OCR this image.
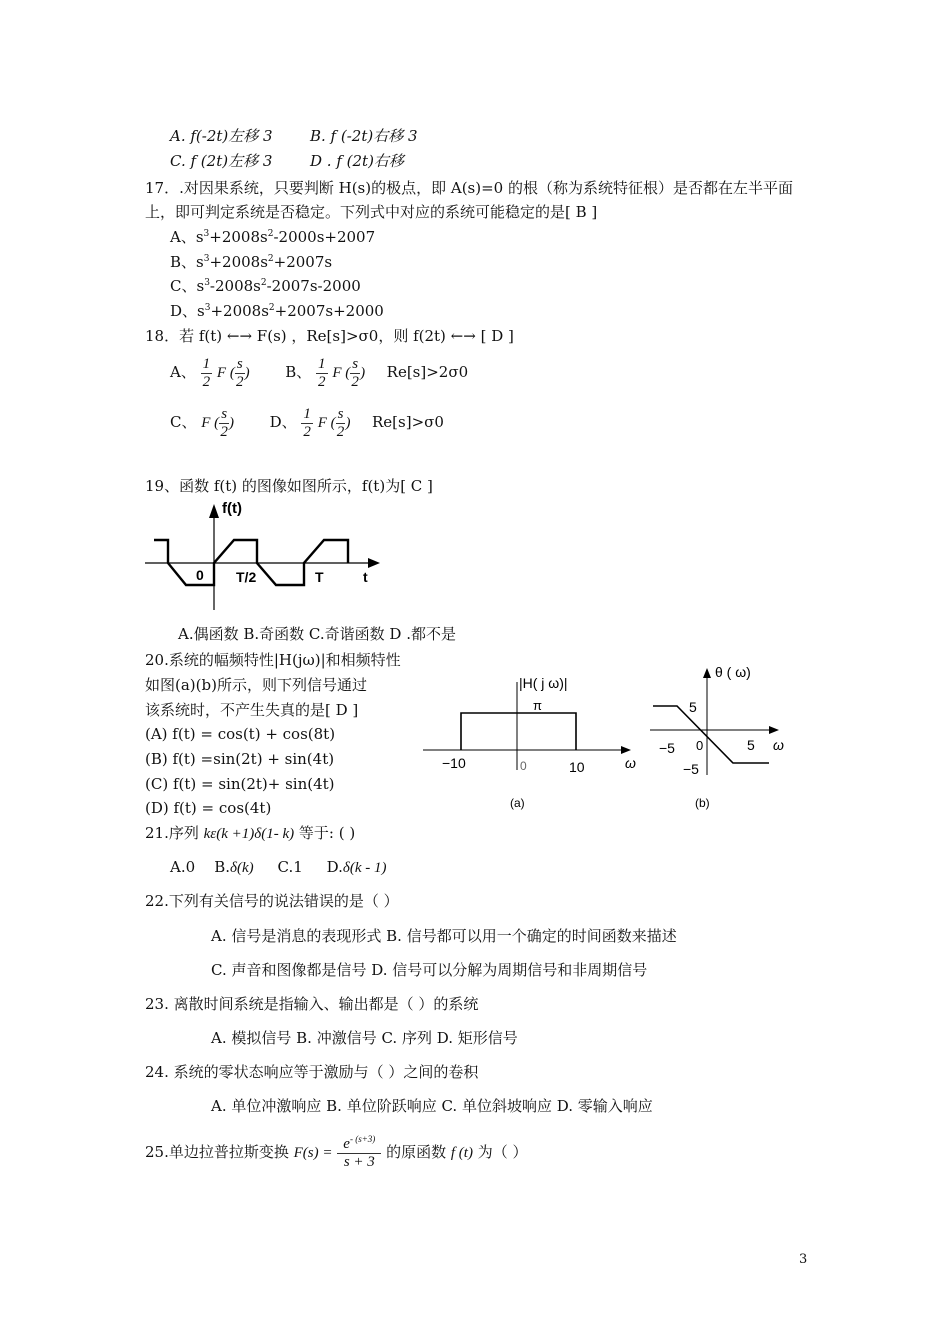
A. f(-2t)左移 3 B. f (-2t)右移 3
C. f (2t)左移 3	D . f (2t)右移
17．.对因果系统，只要判断 H(s)的极点，即 A(s)=0 的根（称为系统特征根）是否都在左半平面
上，即可判定系统是否稳定。下列式中对应的系统可能稳定的是[ B ]
A、$s^3+2008s^2-2000s+2007$
B、$s^3+2008s^2+2007s$
C、$s^3-2008s^2-2007s-2000$
D、$s^3+2008s^2+2007s+2000$
18．若 f(t) ←→ F(s) ，Re[s]>σ0，则 f(2t) ←→ [ D ]
A、 $\frac{1}{2}$ F ( $\frac{s}{2}$ ) B、 $\frac{1}{2}$ F ( $\frac{s}{2}$ ) Re[s]>2σ0
C、 F ( $\frac{s}{2}$ ) D、 $\frac{1}{2}$ F ( $\frac{s}{2}$ ) Re[s]>σ0
19、函数 f(t) 的图像如图所示，f(t)为[ C ]
f(t)
0 T/2	T	t
A.偶函数 B.奇函数 C.奇谐函数 D .都不是
20.系统的幅频特性|H(jω)|和相频特性
如图(a)(b)所示，则下列信号通过
该系统时，不产生失真的是[ D ]
(A) f(t) = cos(t) + cos(8t)
(B) f(t) =sin(2t) + sin(4t)
(C) f(t) = sin(2t)+ sin(4t)
(D) f(t) = cos(4t)
|H( j ω)|
π
−10	0	10	ω
(a)
θ ( ω)
5
−5 0	5
−5
ω
(b)
21.序列 kε(k +1)δ(1- k) 等于: ( )
A.0 B.δ(k) C.1 D.δ(k - 1)
22.下列有关信号的说法错误的是（ ）
A. 信号是消息的表现形式 B. 信号都可以用一个确定的时间函数来描述
C. 声音和图像都是信号 D. 信号可以分解为周期信号和非周期信号
23. 离散时间系统是指输入、输出都是（ ）的系统
A. 模拟信号 B. 冲激信号 C. 序列 D. 矩形信号
24. 系统的零状态响应等于激励与（ ）之间的卷积
A. 单位冲激响应 B. 单位阶跃响应 C. 单位斜坡响应 D. 零输入响应
25.单边拉普拉斯变换 $F(s) = \frac{e^{- (s+3)}}{s + 3}$ 的原函数 f (t) 为（ ）
3
